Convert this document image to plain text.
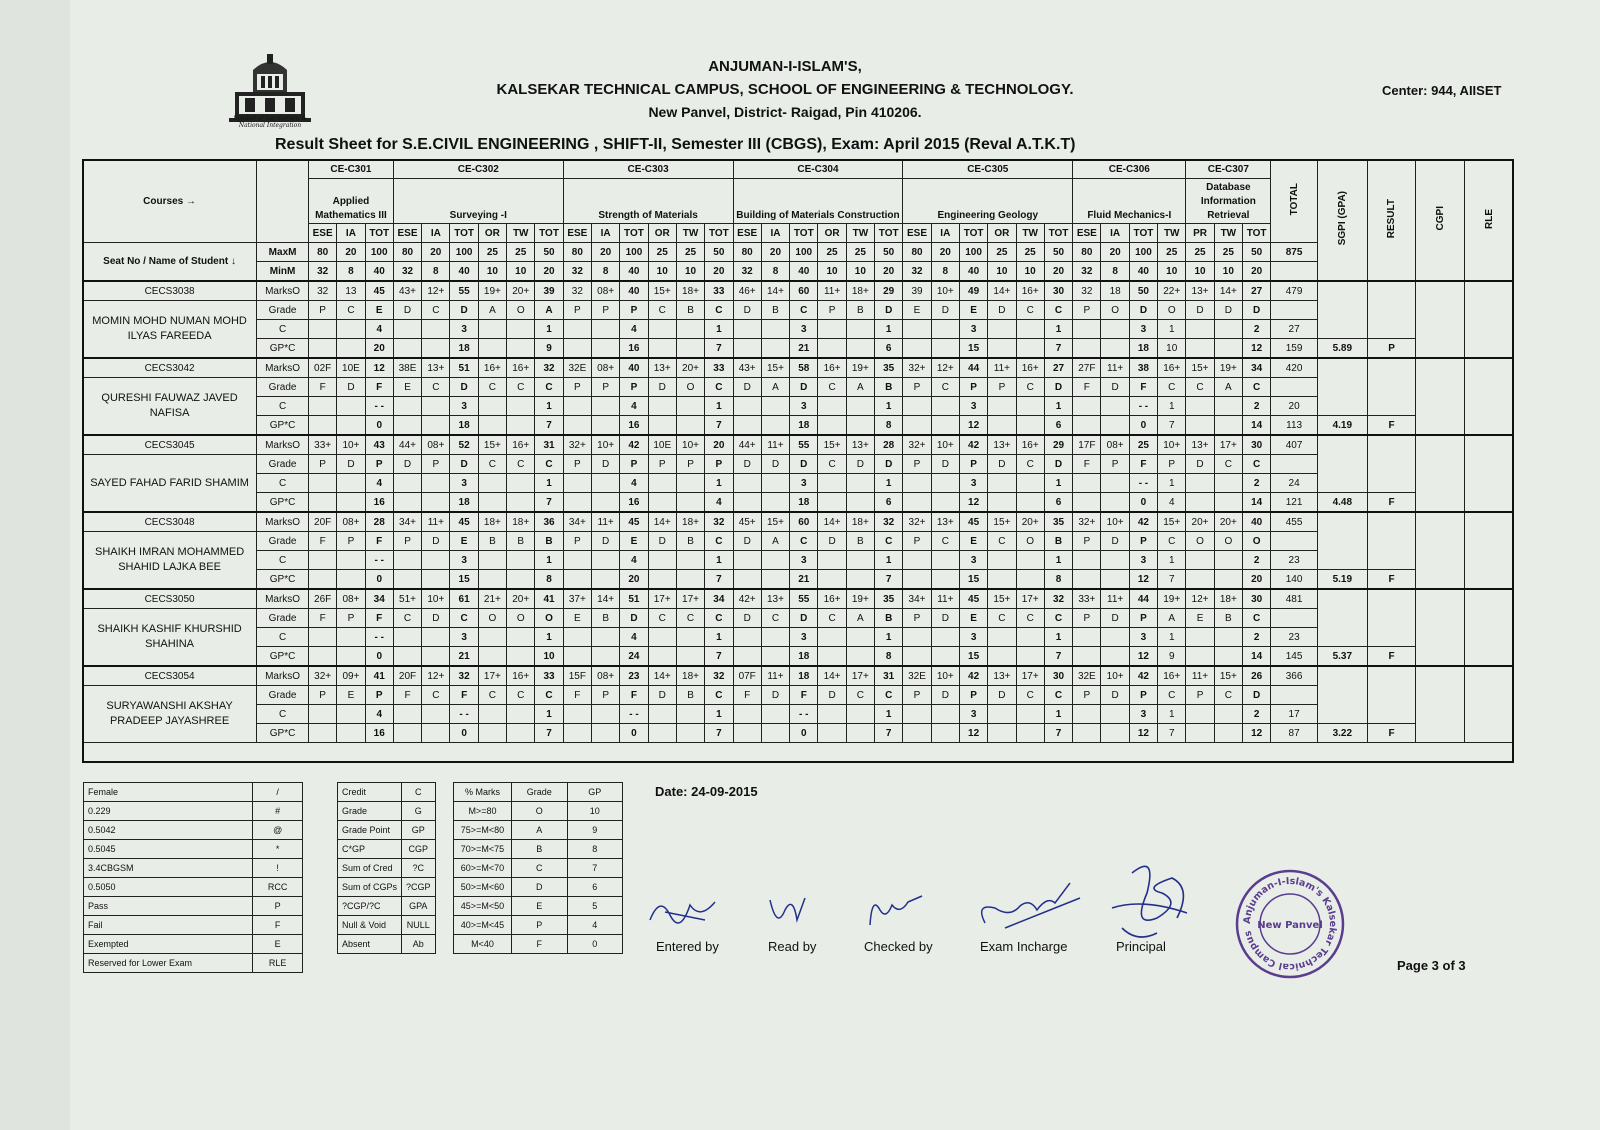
Symbol of Secularism & National Integration
ANJUMAN-I-ISLAM'S,
KALSEKAR TECHNICAL CAMPUS, SCHOOL OF ENGINEERING & TECHNOLOGY.
New Panvel, District- Raigad, Pin 410206.
Center: 944, AIISET
Result Sheet for S.E.CIVIL ENGINEERING , SHIFT-II, Semester III (CBGS), Exam: April 2015 (Reval A.T.K.T)
Courses →		CE-C301			CE-C302						CE-C303						CE-C304						CE-C305						CE-C306				CE-C307			TOTAL	SGPI (GPA)	RESULT	CGPI	RLE
		Applied Mathematics III			Surveying -I						Strength of Materials						Building of Materials Construction						Engineering Geology						Fluid Mechanics-I				Database Information Retrieval							
		ESE	IA	TOT	ESE	IA	TOT	OR	TW	TOT	ESE	IA	TOT	OR	TW	TOT	ESE	IA	TOT	OR	TW	TOT	ESE	IA	TOT	OR	TW	TOT	ESE	IA	TOT	TW	PR	TW	TOT					
Seat No / Name of Student ↓	MaxM	80	20	100	80	20	100	25	25	50	80	20	100	25	25	50	80	20	100	25	25	50	80	20	100	25	25	50	80	20	100	25	25	25	50	875				
	MinM	32	8	40	32	8	40	10	10	20	32	8	40	10	10	20	32	8	40	10	10	20	32	8	40	10	10	20	32	8	40	10	10	10	20					
CECS3038	MarksO	32	13	45	43+	12+	55	19+	20+	39	32	08+	40	15+	18+	33	46+	14+	60	11+	18+	29	39	10+	49	14+	16+	30	32	18	50	22+	13+	14+	27	479				
MOMIN MOHD NUMAN MOHD ILYAS FAREEDA	Grade	P	C	E	D	C	D	A	O	A	P	P	P	C	B	C	D	B	C	P	B	D	E	D	E	D	C	C	P	O	D	O	D	D	D					
	C			4			3			1			4			1			3			1			3			1			3	1			2	27				
	GP*C			20			18			9			16			7			21			6			15			7			18	10			12	159	5.89	P		
CECS3042	MarksO	02F	10E	12	38E	13+	51	16+	16+	32	32E	08+	40	13+	20+	33	43+	15+	58	16+	19+	35	32+	12+	44	11+	16+	27	27F	11+	38	16+	15+	19+	34	420				
QURESHI FAUWAZ JAVED NAFISA	Grade	F	D	F	E	C	D	C	C	C	P	P	P	D	O	C	D	A	D	C	A	B	P	C	P	P	C	D	F	D	F	C	C	A	C					
	C			- -			3			1			4			1			3			1			3			1			- -	1			2	20				
	GP*C			0			18			7			16			7			18			8			12			6			0	7			14	113	4.19	F		
CECS3045	MarksO	33+	10+	43	44+	08+	52	15+	16+	31	32+	10+	42	10E	10+	20	44+	11+	55	15+	13+	28	32+	10+	42	13+	16+	29	17F	08+	25	10+	13+	17+	30	407				
SAYED FAHAD FARID SHAMIM	Grade	P	D	P	D	P	D	C	C	C	P	D	P	P	P	P	D	D	D	C	D	D	P	D	P	D	C	D	F	P	F	P	D	C	C					
	C			4			3			1			4			1			3			1			3			1			- -	1			2	24				
	GP*C			16			18			7			16			4			18			6			12			6			0	4			14	121	4.48	F		
CECS3048	MarksO	20F	08+	28	34+	11+	45	18+	18+	36	34+	11+	45	14+	18+	32	45+	15+	60	14+	18+	32	32+	13+	45	15+	20+	35	32+	10+	42	15+	20+	20+	40	455				
SHAIKH IMRAN MOHAMMED SHAHID LAJKA BEE	Grade	F	P	F	P	D	E	B	B	B	P	D	E	D	B	C	D	A	C	D	B	C	P	C	E	C	O	B	P	D	P	C	O	O	O					
	C			- -			3			1			4			1			3			1			3			1			3	1			2	23				
	GP*C			0			15			8			20			7			21			7			15			8			12	7			20	140	5.19	F		
CECS3050	MarksO	26F	08+	34	51+	10+	61	21+	20+	41	37+	14+	51	17+	17+	34	42+	13+	55	16+	19+	35	34+	11+	45	15+	17+	32	33+	11+	44	19+	12+	18+	30	481				
SHAIKH KASHIF KHURSHID SHAHINA	Grade	F	P	F	C	D	C	O	O	O	E	B	D	C	C	C	D	C	D	C	A	B	P	D	E	C	C	C	P	D	P	A	E	B	C					
	C			- -			3			1			4			1			3			1			3			1			3	1			2	23				
	GP*C			0			21			10			24			7			18			8			15			7			12	9			14	145	5.37	F		
CECS3054	MarksO	32+	09+	41	20F	12+	32	17+	16+	33	15F	08+	23	14+	18+	32	07F	11+	18	14+	17+	31	32E	10+	42	13+	17+	30	32E	10+	42	16+	11+	15+	26	366				
SURYAWANSHI AKSHAY PRADEEP JAYASHREE	Grade	P	E	P	F	C	F	C	C	C	F	P	F	D	B	C	F	D	F	D	C	C	P	D	P	D	C	C	P	D	P	C	P	C	D					
	C			4			- -			1			- -			1			- -			1			3			1			3	1			2	17				
	GP*C			16			0			7			0			7			0			7			12			7			12	7			12	87	3.22	F		
Female	/
0.229	#
0.5042	@
0.5045	*
3.4CBGSM	!
0.5050	RCC
Pass	P
Fail	F
Exempted	E
Reserved for Lower Exam	RLE
Credit	C
Grade	G
Grade Point	GP
C*GP	CGP
Sum of Cred	?C
Sum of CGPs	?CGP
?CGP/?C	GPA
Null & Void	NULL
Absent	Ab
% Marks	Grade	GP
M>=80	O	10
75>=M<80	A	9
70>=M<75	B	8
60>=M<70	C	7
50>=M<60	D	6
45>=M<50	E	5
40>=M<45	P	4
M<40	F	0
Date: 24-09-2015
Entered by	Read by	Checked by	Exam Incharge	Principal
Anjuman-I-Islam's Kalsekar Technical Campus
New Panvel
Page 3 of 3
